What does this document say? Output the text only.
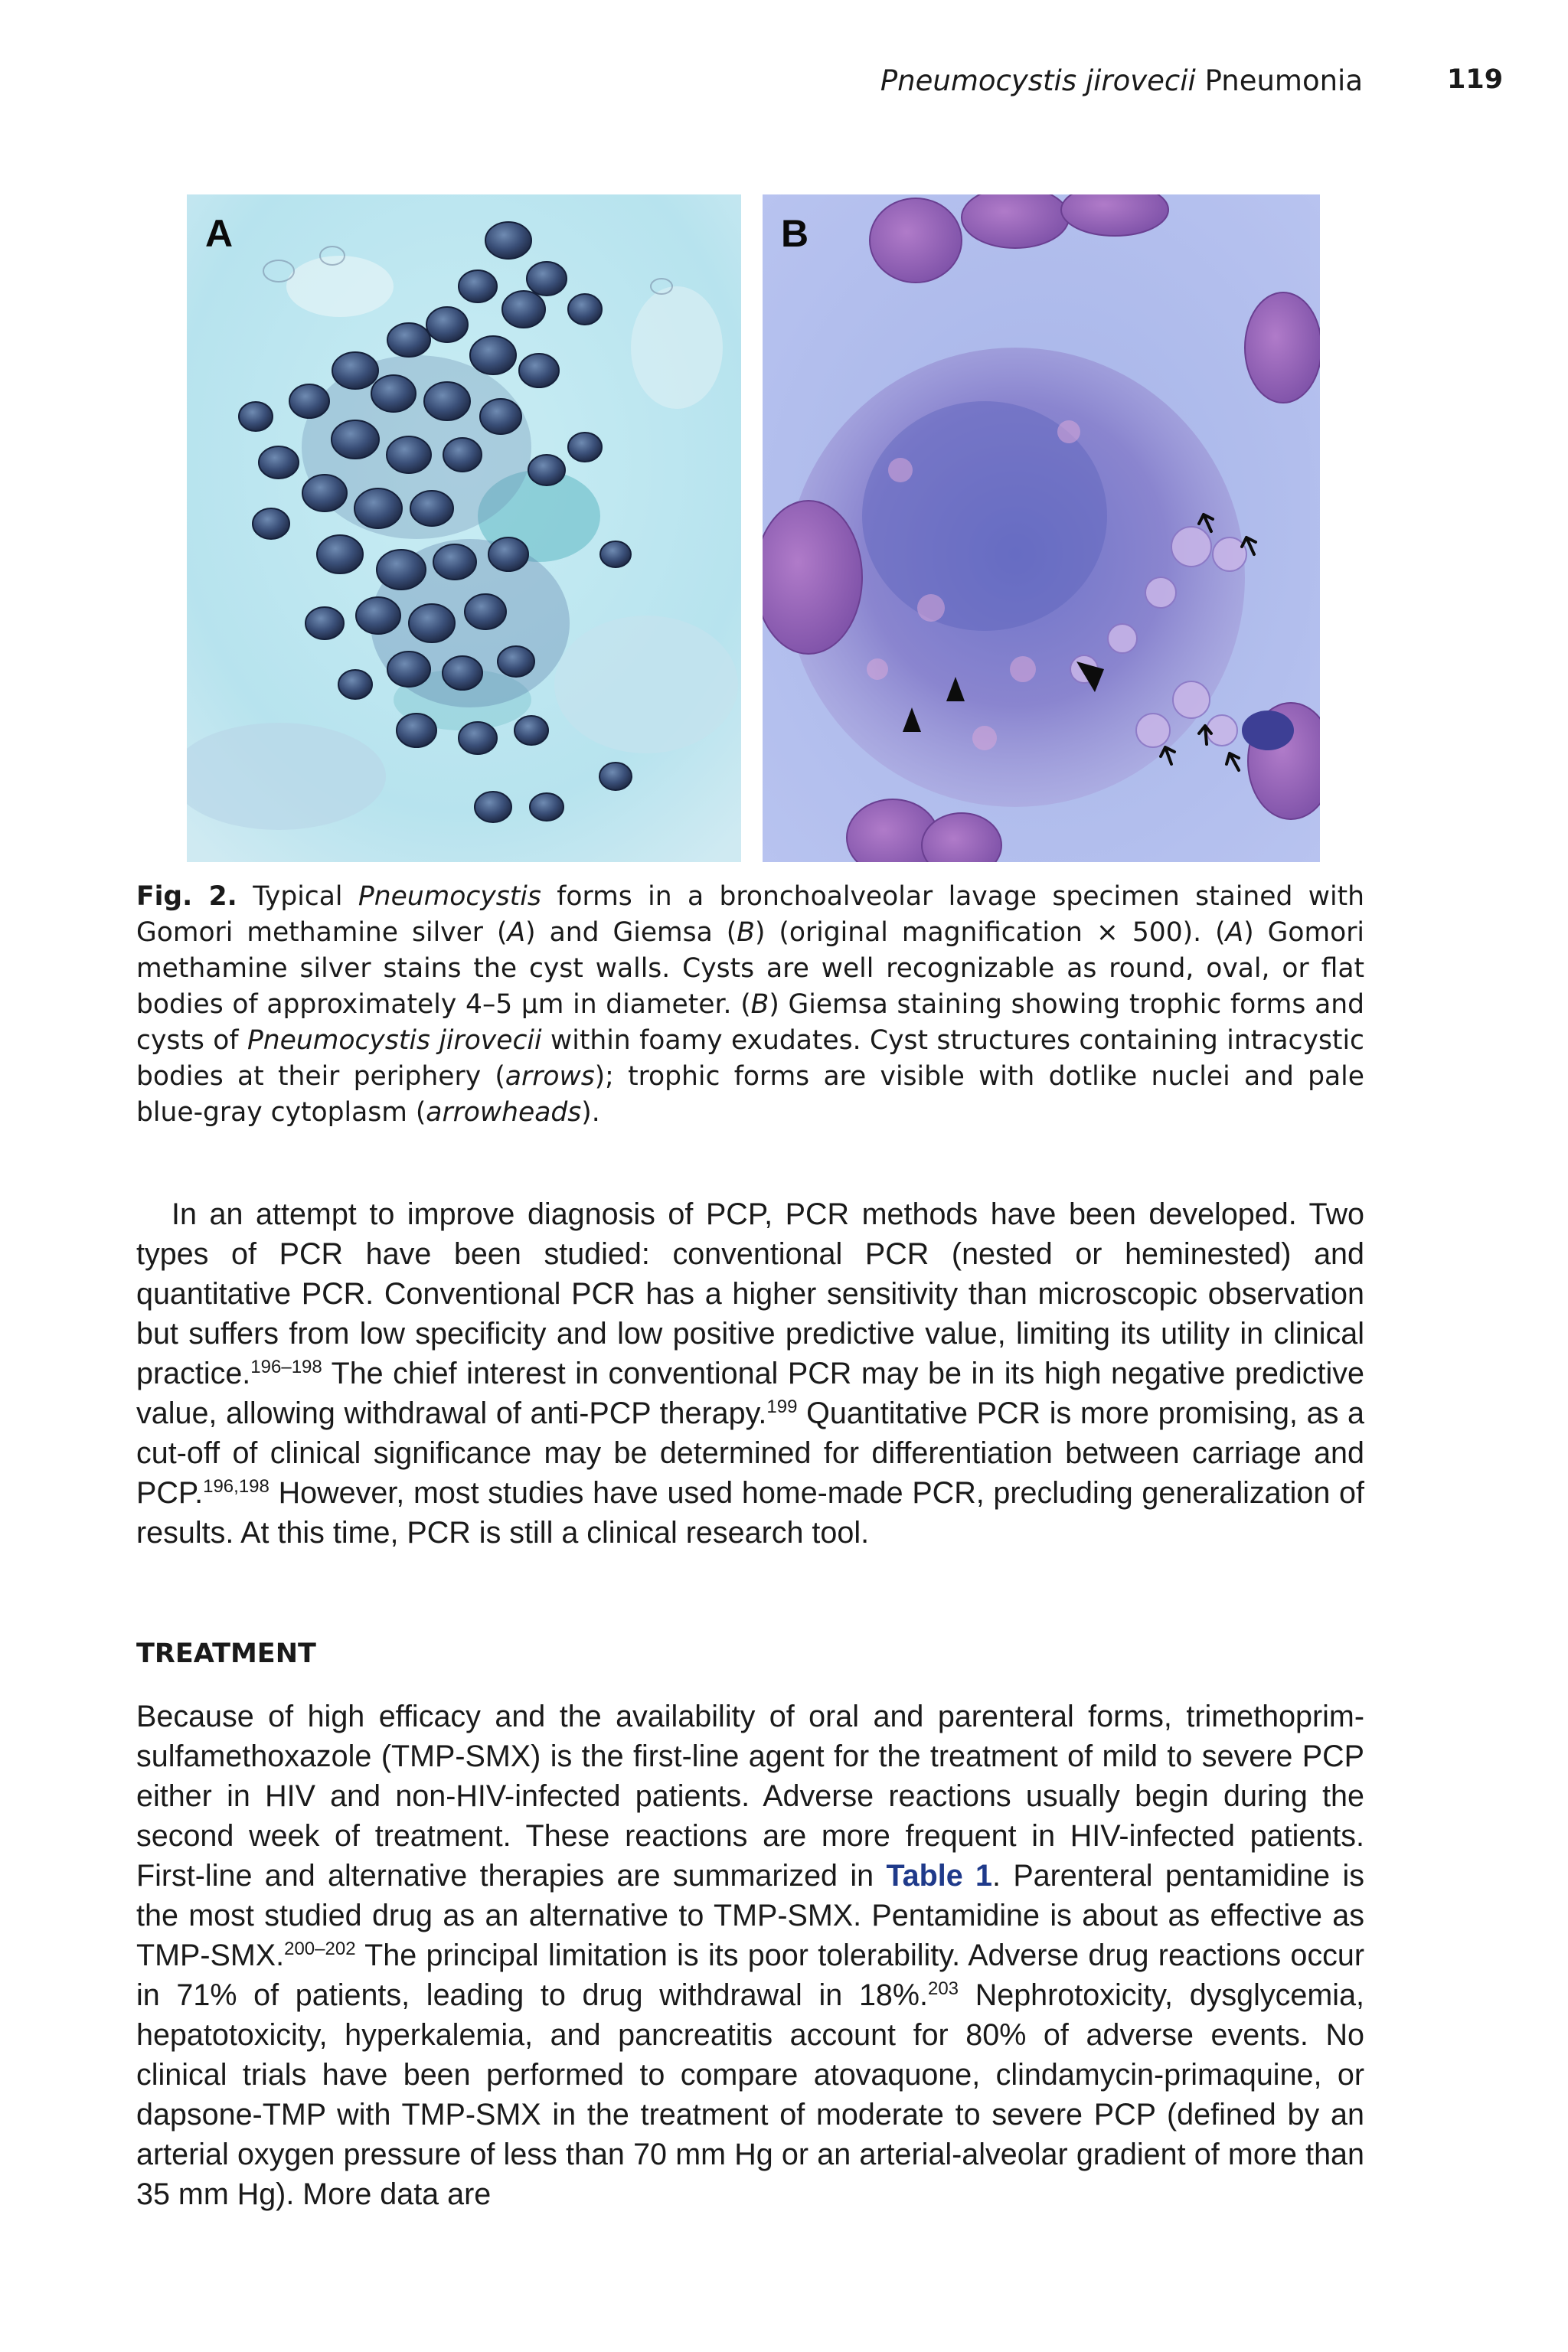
Pneumocystis jirovecii Pneumonia	119
A	B
Fig. 2. Typical Pneumocystis forms in a bronchoalveolar lavage specimen stained with Gomori methamine silver (A) and Giemsa (B) (original magnification × 500). (A) Gomori methamine silver stains the cyst walls. Cysts are well recognizable as round, oval, or flat bodies of approximately 4–5 μm in diameter. (B) Giemsa staining showing trophic forms and cysts of Pneumocystis jirovecii within foamy exudates. Cyst structures containing intracystic bodies at their periphery (arrows); trophic forms are visible with dotlike nuclei and pale blue-gray cytoplasm (arrowheads).

In an attempt to improve diagnosis of PCP, PCR methods have been developed. Two types of PCR have been studied: conventional PCR (nested or heminested) and quantitative PCR. Conventional PCR has a higher sensitivity than microscopic observation but suffers from low specificity and low positive predictive value, limiting its utility in clinical practice.$^{196-198}$ The chief interest in conventional PCR may be in its high negative predictive value, allowing withdrawal of anti-PCP therapy.$^{199}$ Quantitative PCR is more promising, as a cut-off of clinical significance may be determined for differentiation between carriage and PCP.$^{196,198}$ However, most studies have used home-made PCR, precluding generalization of results. At this time, PCR is still a clinical research tool.

TREATMENT

Because of high efficacy and the availability of oral and parenteral forms, trimethoprim-sulfamethoxazole (TMP-SMX) is the first-line agent for the treatment of mild to severe PCP either in HIV and non-HIV-infected patients. Adverse reactions usually begin during the second week of treatment. These reactions are more frequent in HIV-infected patients. First-line and alternative therapies are summarized in Table 1. Parenteral pentamidine is the most studied drug as an alternative to TMP-SMX. Pentamidine is about as effective as TMP-SMX.$^{200-202}$ The principal limitation is its poor tolerability. Adverse drug reactions occur in 71% of patients, leading to drug withdrawal in 18%.$^{203}$ Nephrotoxicity, dysglycemia, hepatotoxicity, hyperkalemia, and pancreatitis account for 80% of adverse events. No clinical trials have been performed to compare atovaquone, clindamycin-primaquine, or dapsone-TMP with TMP-SMX in the treatment of moderate to severe PCP (defined by an arterial oxygen pressure of less than 70 mm Hg or an arterial-alveolar gradient of more than 35 mm Hg). More data are
